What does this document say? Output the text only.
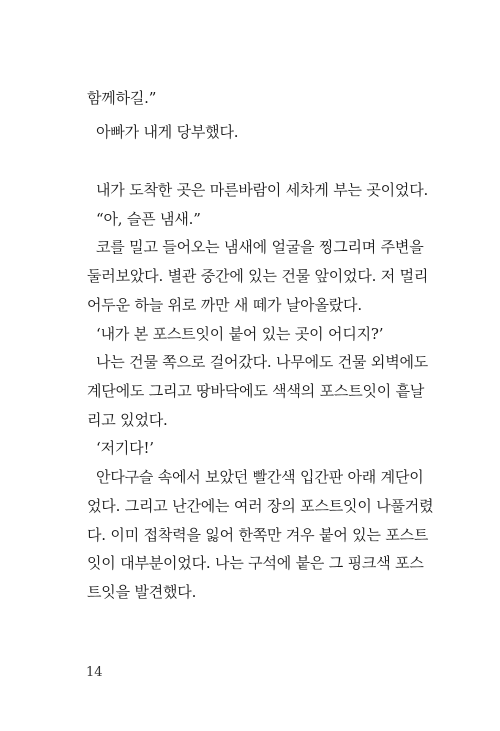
함께하길.”
아빠가 내게 당부했다.
내가 도착한 곳은 마른바람이 세차게 부는 곳이었다.
“아, 슬픈 냄새.”
코를 밀고 들어오는 냄새에 얼굴을 찡그리며 주변을
둘러보았다. 별관 중간에 있는 건물 앞이었다. 저 멀리
어두운 하늘 위로 까만 새 떼가 날아올랐다.
‘내가 본 포스트잇이 붙어 있는 곳이 어디지?’
나는 건물 쪽으로 걸어갔다. 나무에도 건물 외벽에도
계단에도 그리고 땅바닥에도 색색의 포스트잇이 흩날
리고 있었다.
‘저기다!’
안다구슬 속에서 보았던 빨간색 입간판 아래 계단이
었다. 그리고 난간에는 여러 장의 포스트잇이 나풀거렸
다. 이미 접착력을 잃어 한쪽만 겨우 붙어 있는 포스트
잇이 대부분이었다. 나는 구석에 붙은 그 핑크색 포스
트잇을 발견했다.
14
